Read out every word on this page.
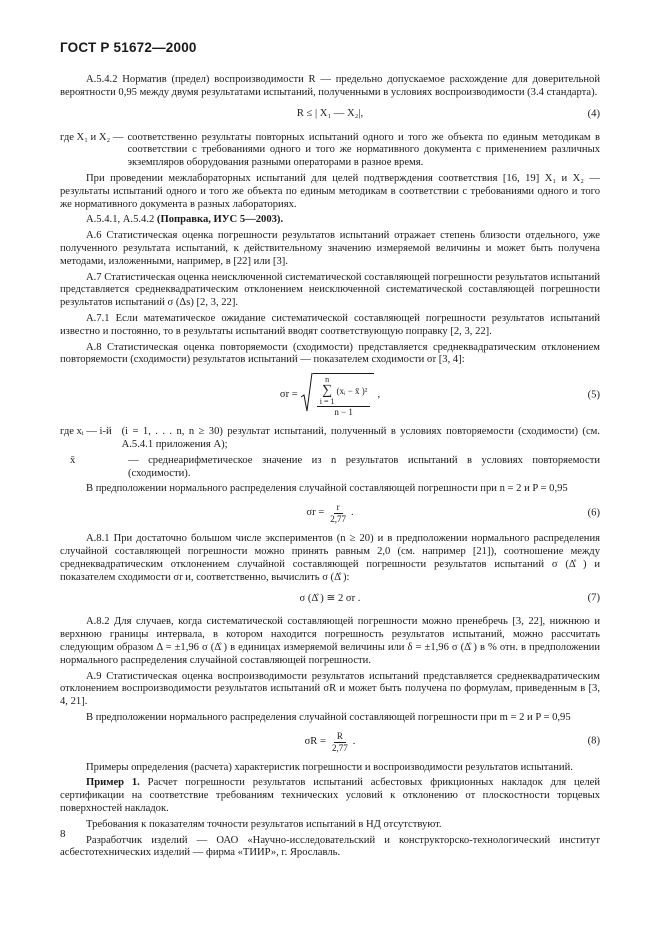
ГОСТ Р 51672—2000

А.5.4.2 Норматив (предел) воспроизводимости R — предельно допускаемое расхождение для доверительной вероятности 0,95 между двумя результатами испытаний, полученными в условиях воспроизводимости (3.4 стандарта).

R ≤ | X₁ — X₂|,	(4)
где X₁ и X₂ — соответственно результаты повторных испытаний одного и того же объекта по единым методикам в соответствии с требованиями одного и того же нормативного документа с применением различных экземпляров оборудования разными операторами в разное время.

При проведении межлабораторных испытаний для целей подтверждения соответствия [16, 19] X₁ и X₂ — результаты испытаний одного и того же объекта по единым методикам в соответствии с требованиями одного и того же нормативного документа в разных лабораториях.

А.5.4.1, А.5.4.2 (Поправка, ИУС 5—2003).

А.6 Статистическая оценка погрешности результатов испытаний отражает степень близости отдельного, уже полученного результата испытаний, к действительному значению измеряемой величины и может быть получена методами, изложенными, например, в [22] или [3].

А.7 Статистическая оценка неисключенной систематической составляющей погрешности результатов испытаний представляется среднеквадратическим отклонением неисключенной систематической составляющей погрешности результатов испытаний σ (Δs) [2, 3, 22].

А.7.1 Если математическое ожидание систематической составляющей погрешности результатов испытаний известно и постоянно, то в результаты испытаний вводят соответствующую поправку [2, 3, 22].

А.8 Статистическая оценка повторяемости (сходимости) представляется среднеквадратическим отклонением повторяемости (сходимости) результатов испытаний — показателем сходимости σr [3, 4]:

σr =
n
∑
i = 1
(xᵢ − x̄ )²
n − 1
,	(5)
где xᵢ — i-й (i = 1, . . . n, n ≥ 30) результат испытаний, полученный в условиях повторяемости (сходимости) (см. А.5.4.1 приложения А);
x̄	— среднеарифметическое значение из n результатов испытаний в условиях повторяемости (сходимости).

В предположении нормального распределения случайной составляющей погрешности при n = 2 и P = 0,95

$\sigma r = \frac{r}{2,77}$ .	(6)

А.8.1 При достаточно большом числе экспериментов (n ≥ 20) и в предположении нормального распределения случайной составляющей погрешности можно принять равным 2,0 (см. например [21]), соотношение между среднеквадратическим отклонением случайной составляющей погрешности результатов испытаний σ (Δ̊ ) и показателем сходимости σr и, соответственно, вычислить σ (Δ̊ ):

σ (Δ̊ ) ≅ 2 σr .	(7)

А.8.2 Для случаев, когда систематической составляющей погрешности можно пренебречь [3, 22], нижнюю и верхнюю границы интервала, в котором находится погрешность результатов испытаний, можно рассчитать следующим образом Δ = ±1,96 σ (Δ̊ ) в единицах измеряемой величины или δ = ±1,96 σ (Δ̊ ) в % отн. в предположении нормального распределения случайной составляющей погрешности.

А.9 Статистическая оценка воспроизводимости результатов испытаний представляется среднеквадратическим отклонением воспроизводимости результатов испытаний σR и может быть получена по формулам, приведенным в [3, 4, 21].

В предположении нормального распределения случайной составляющей погрешности при m = 2 и P = 0,95

$\sigma R = \frac{R}{2,77}$ .	(8)

Примеры определения (расчета) характеристик погрешности и воспроизводимости результатов испытаний.

Пример 1. Расчет погрешности результатов испытаний асбестовых фрикционных накладок для целей сертификации на соответствие требованиям технических условий к отклонению от плоскостности торцевых поверхностей накладок.

Требования к показателям точности результатов испытаний в НД отсутствуют.

Разработчик изделий — ОАО «Научно-исследовательский и конструкторско-технологический институт асбестотехнических изделий — фирма «ТИИР», г. Ярославль.

8
